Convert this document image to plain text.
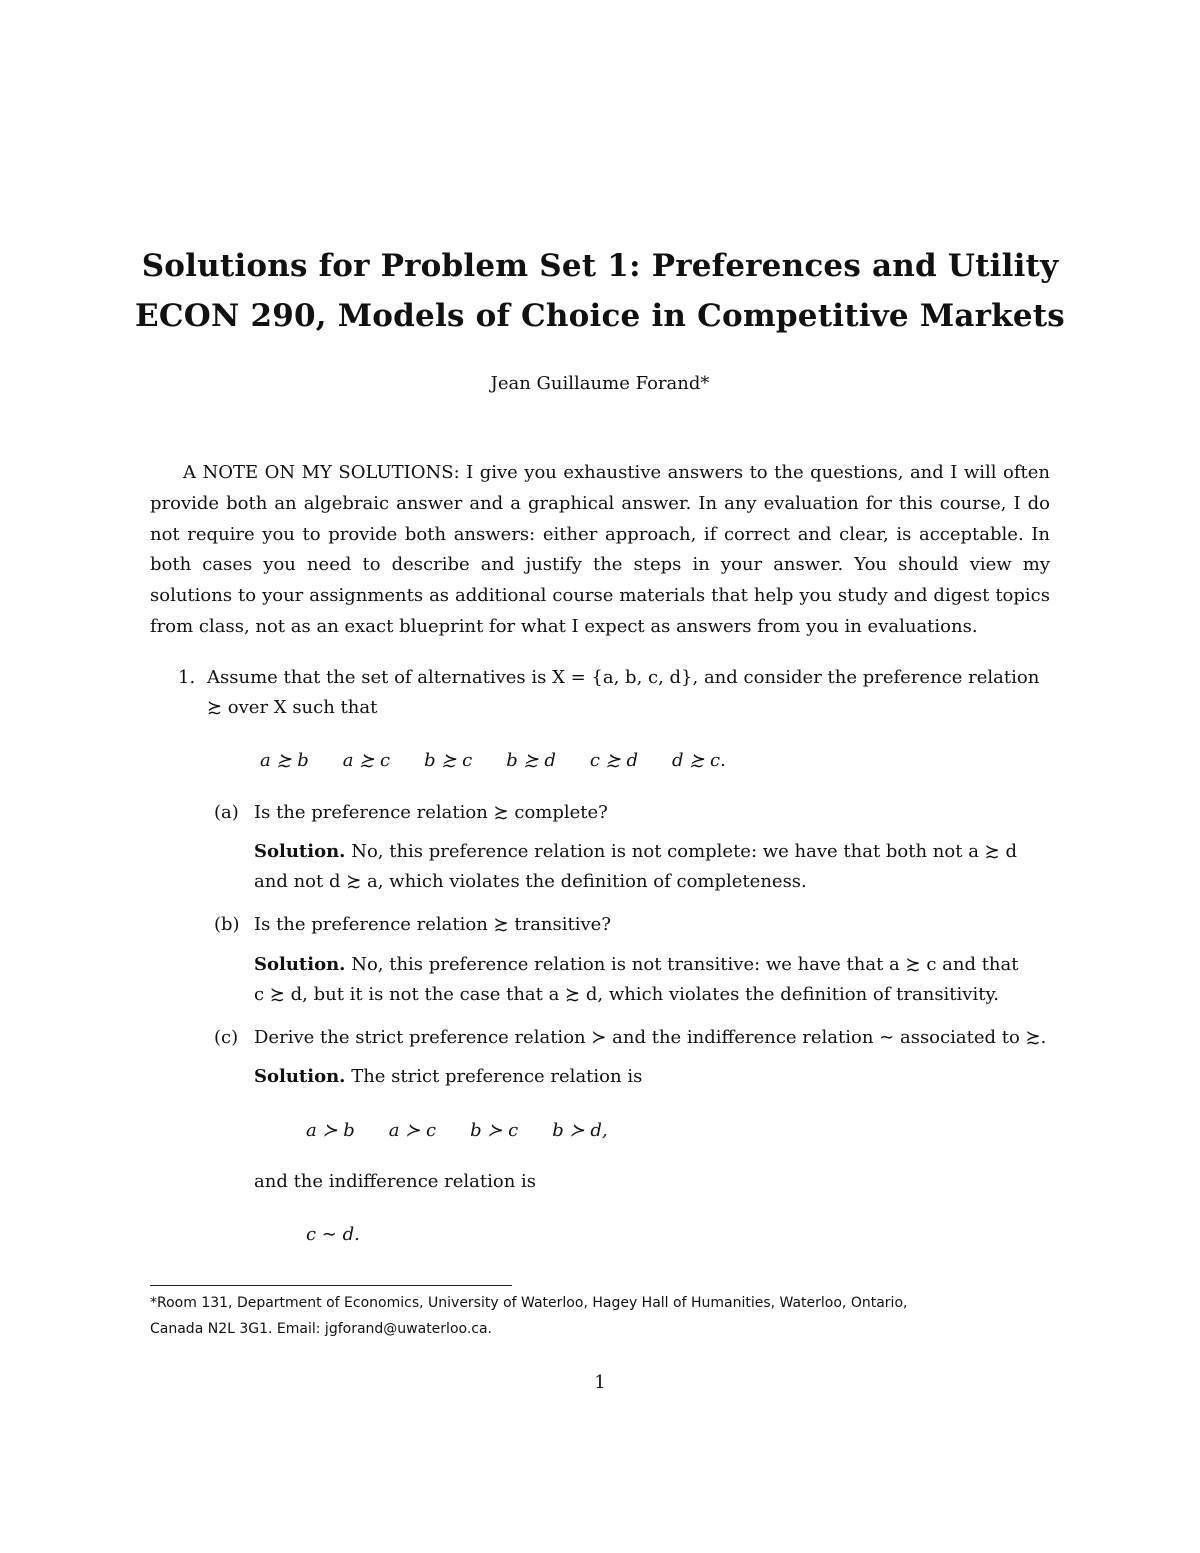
Solutions for Problem Set 1: Preferences and Utility
ECON 290, Models of Choice in Competitive Markets
Jean Guillaume Forand*

A NOTE ON MY SOLUTIONS: I give you exhaustive answers to the questions, and I will often provide both an algebraic answer and a graphical answer. In any evaluation for this course, I do not require you to provide both answers: either approach, if correct and clear, is acceptable. In both cases you need to describe and justify the steps in your answer. You should view my solutions to your assignments as additional course materials that help you study and digest topics from class, not as an exact blueprint for what I expect as answers from you in evaluations.

1. Assume that the set of alternatives is X = {a, b, c, d}, and consider the preference relation
≿ over X such that
a ≿ b a ≿ c b ≿ c b ≿ d c ≿ d d ≿ c.
(a) Is the preference relation ≿ complete?
Solution. No, this preference relation is not complete: we have that both not a ≿ d
and not d ≿ a, which violates the definition of completeness.
(b) Is the preference relation ≿ transitive?
Solution. No, this preference relation is not transitive: we have that a ≿ c and that
c ≿ d, but it is not the case that a ≿ d, which violates the definition of transitivity.
(c) Derive the strict preference relation ≻ and the indifference relation ∼ associated to ≿.
Solution. The strict preference relation is
a ≻ b a ≻ c b ≻ c b ≻ d,
and the indifference relation is
c ∼ d.
*Room 131, Department of Economics, University of Waterloo, Hagey Hall of Humanities, Waterloo, Ontario,
Canada N2L 3G1. Email: jgforand@uwaterloo.ca.
1
